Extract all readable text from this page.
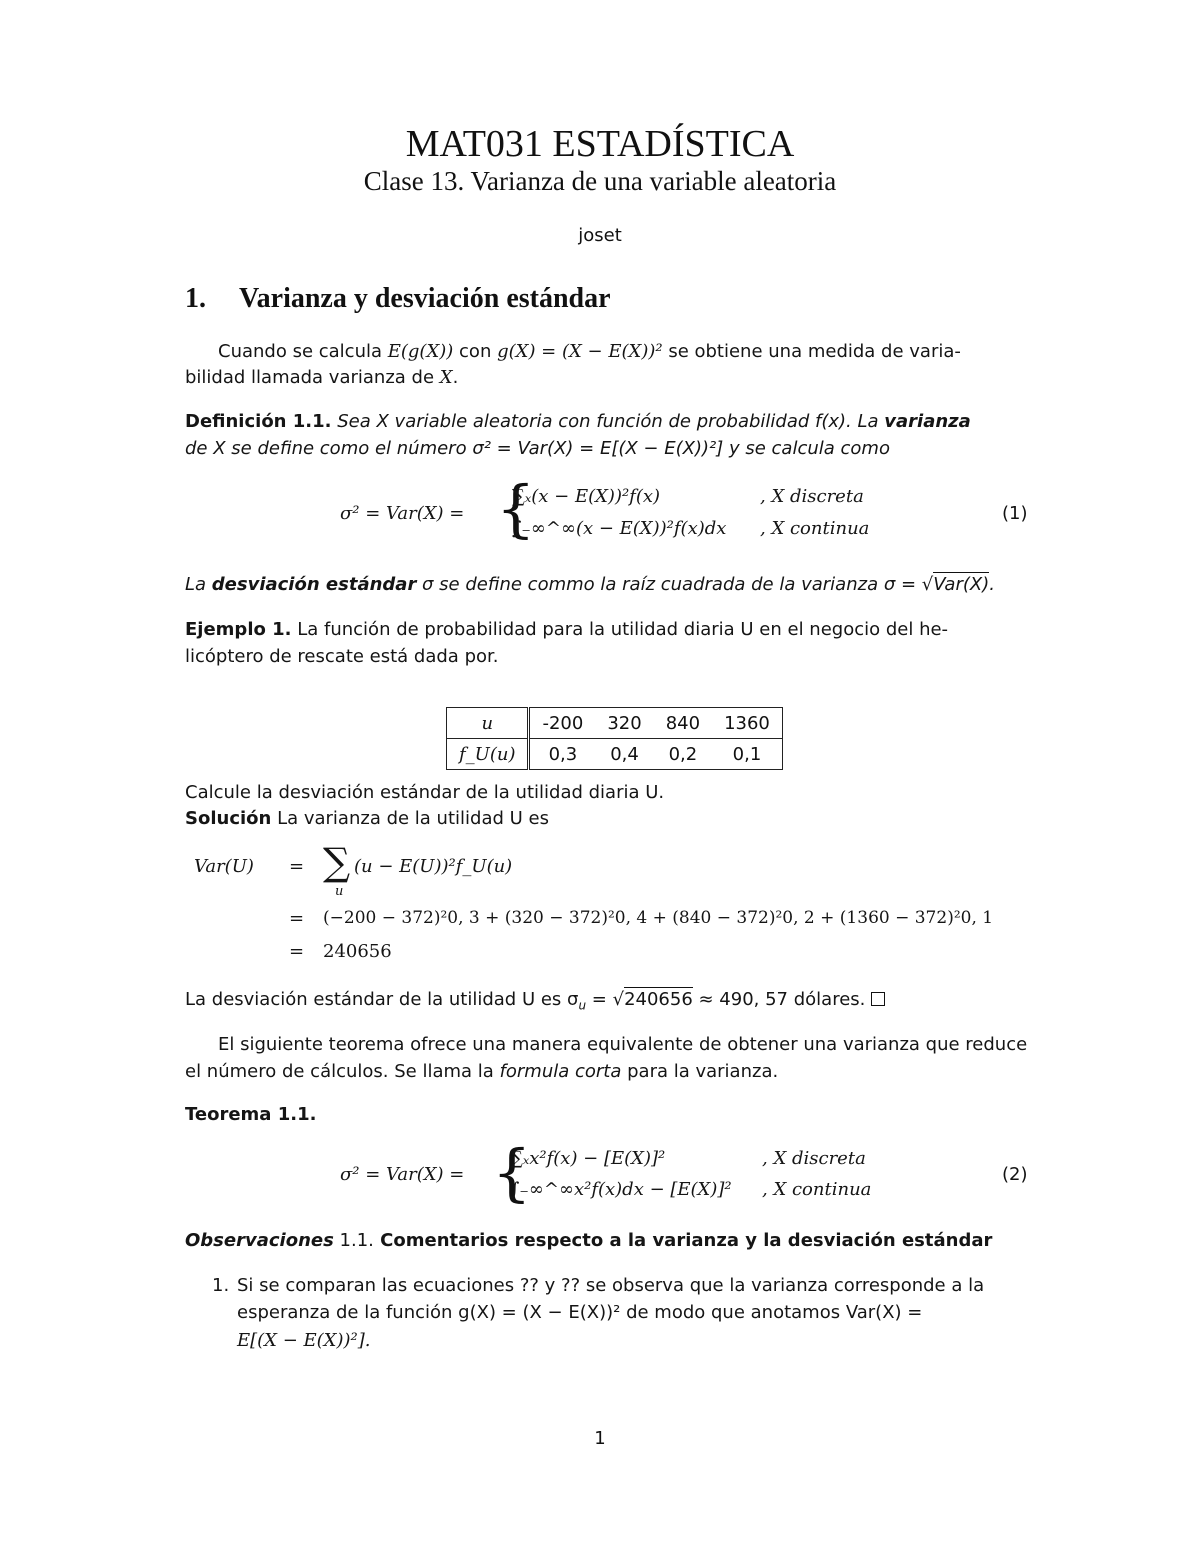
MAT031 ESTADÍSTICA
Clase 13. Varianza de una variable aleatoria
joset
1. Varianza y desviación estándar
Cuando se calcula E(g(X)) con g(X) = (X − E(X))² se obtiene una medida de varia-
bilidad llamada varianza de X.
Definición 1.1. Sea X variable aleatoria con función de probabilidad f(x). La varianza
de X se define como el número σ² = Var(X) = E[(X − E(X))²] y se calcula como
σ² = Var(X) = {
∑ₓ(x − E(X))²f(x)	, X discreta
∫₋∞^∞(x − E(X))²f(x)dx , X continua
(1)
La desviación estándar σ se define commo la raíz cuadrada de la varianza σ = √Var(X).
Ejemplo 1. La función de probabilidad para la utilidad diaria U en el negocio del he-
licóptero de rescate está dada por.
u	-200	320	840	1360
f_U(u)	0,3	0,4	0,2	0,1
Calcule la desviación estándar de la utilidad diaria U.
Solución La varianza de la utilidad U es
Var(U) = ∑
u
(u − E(U))²f_U(u)
= (−200 − 372)²0, 3 + (320 − 372)²0, 4 + (840 − 372)²0, 2 + (1360 − 372)²0, 1
= 240656
La desviación estándar de la utilidad U es $\sigma_u = √240656 \approx 490$, 57 dólares.
El siguiente teorema ofrece una manera equivalente de obtener una varianza que reduce
el número de cálculos. Se llama la formula corta para la varianza.
Teorema 1.1.
σ² = Var(X) = {
∑ₓx²f(x) − [E(X)]²	, X discreta
∫₋∞^∞x²f(x)dx − [E(X)]² , X continua
(2)
Observaciones 1.1. Comentarios respecto a la varianza y la desviación estándar
1. Si se comparan las ecuaciones ?? y ?? se observa que la varianza corresponde a la
esperanza de la función g(X) = (X − E(X))² de modo que anotamos Var(X) =
E[(X − E(X))²].
1
